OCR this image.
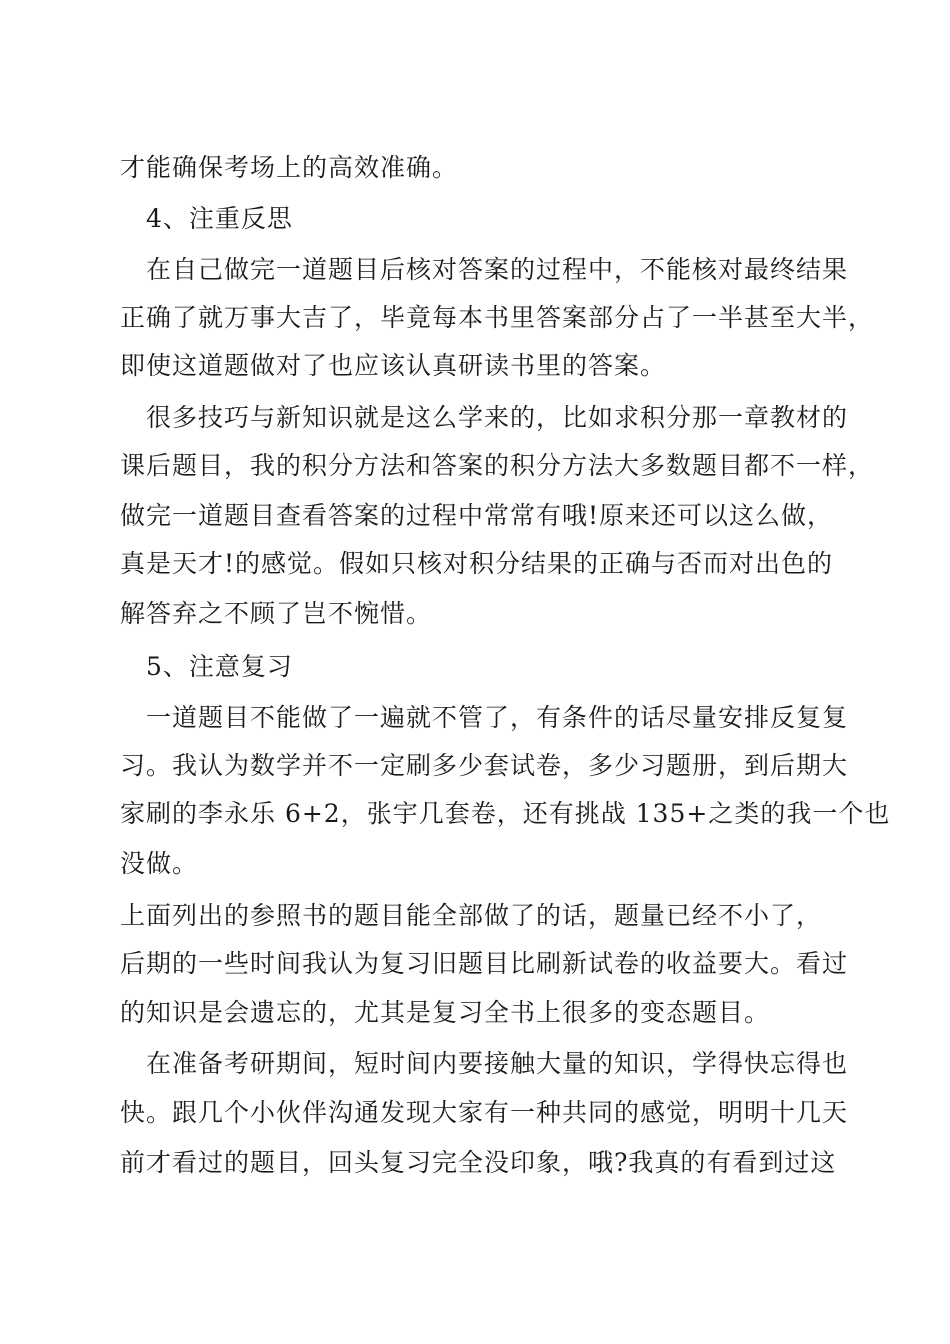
才能确保考场上的高效准确。
4、注重反思
在自己做完一道题目后核对答案的过程中，不能核对最终结果
正确了就万事大吉了，毕竟每本书里答案部分占了一半甚至大半，
即使这道题做对了也应该认真研读书里的答案。
很多技巧与新知识就是这么学来的，比如求积分那一章教材的
课后题目，我的积分方法和答案的积分方法大多数题目都不一样，
做完一道题目查看答案的过程中常常有哦!原来还可以这么做，
真是天才!的感觉。假如只核对积分结果的正确与否而对出色的
解答弃之不顾了岂不惋惜。
5、注意复习
一道题目不能做了一遍就不管了，有条件的话尽量安排反复复
习。我认为数学并不一定刷多少套试卷，多少习题册，到后期大
家刷的李永乐 6+2，张宇几套卷，还有挑战 135+之类的我一个也
没做。
上面列出的参照书的题目能全部做了的话，题量已经不小了，
后期的一些时间我认为复习旧题目比刷新试卷的收益要大。看过
的知识是会遗忘的，尤其是复习全书上很多的变态题目。
在准备考研期间，短时间内要接触大量的知识，学得快忘得也
快。跟几个小伙伴沟通发现大家有一种共同的感觉，明明十几天
前才看过的题目，回头复习完全没印象，哦?我真的有看到过这
